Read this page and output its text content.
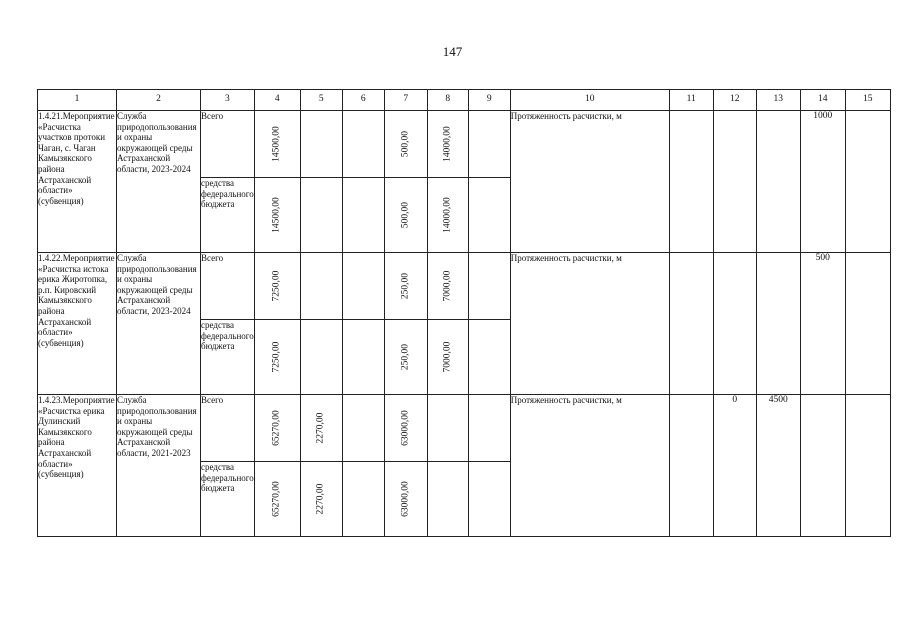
147
1	2	3	4	5	6	7	8	9	10	11	12	13	14	15
1.4.21.Мероприятие «Расчистка участков протоки Чаган, с. Чаган Камызякского района Астраханской области» (субвенция)	Служба природопользования и охраны окружающей среды Астраханской области, 2023-2024	Всего	14500,00			500,00	14000,00		Протяженность расчистки, м				1000	
		средства федерального бюджета	14500,00			500,00	14000,00							

1.4.22.Мероприятие «Расчистка истока ерика Жиротопка, р.п. Кировский Камызякского района Астраханской области» (субвенция)	Служба природопользования и охраны окружающей среды Астраханской области, 2023-2024	Всего	7250,00			250,00	7000,00		Протяженность расчистки, м				500	
		средства федерального бюджета	7250,00			250,00	7000,00							

1.4.23.Мероприятие «Расчистка ерика Дулинский Камызякского района Астраханской области» (субвенция)	Служба природопользования и охраны окружающей среды Астраханской области, 2021-2023	Всего	65270,00	2270,00		63000,00			Протяженность расчистки, м		0	4500		
		средства федерального бюджета	65270,00	2270,00		63000,00								
